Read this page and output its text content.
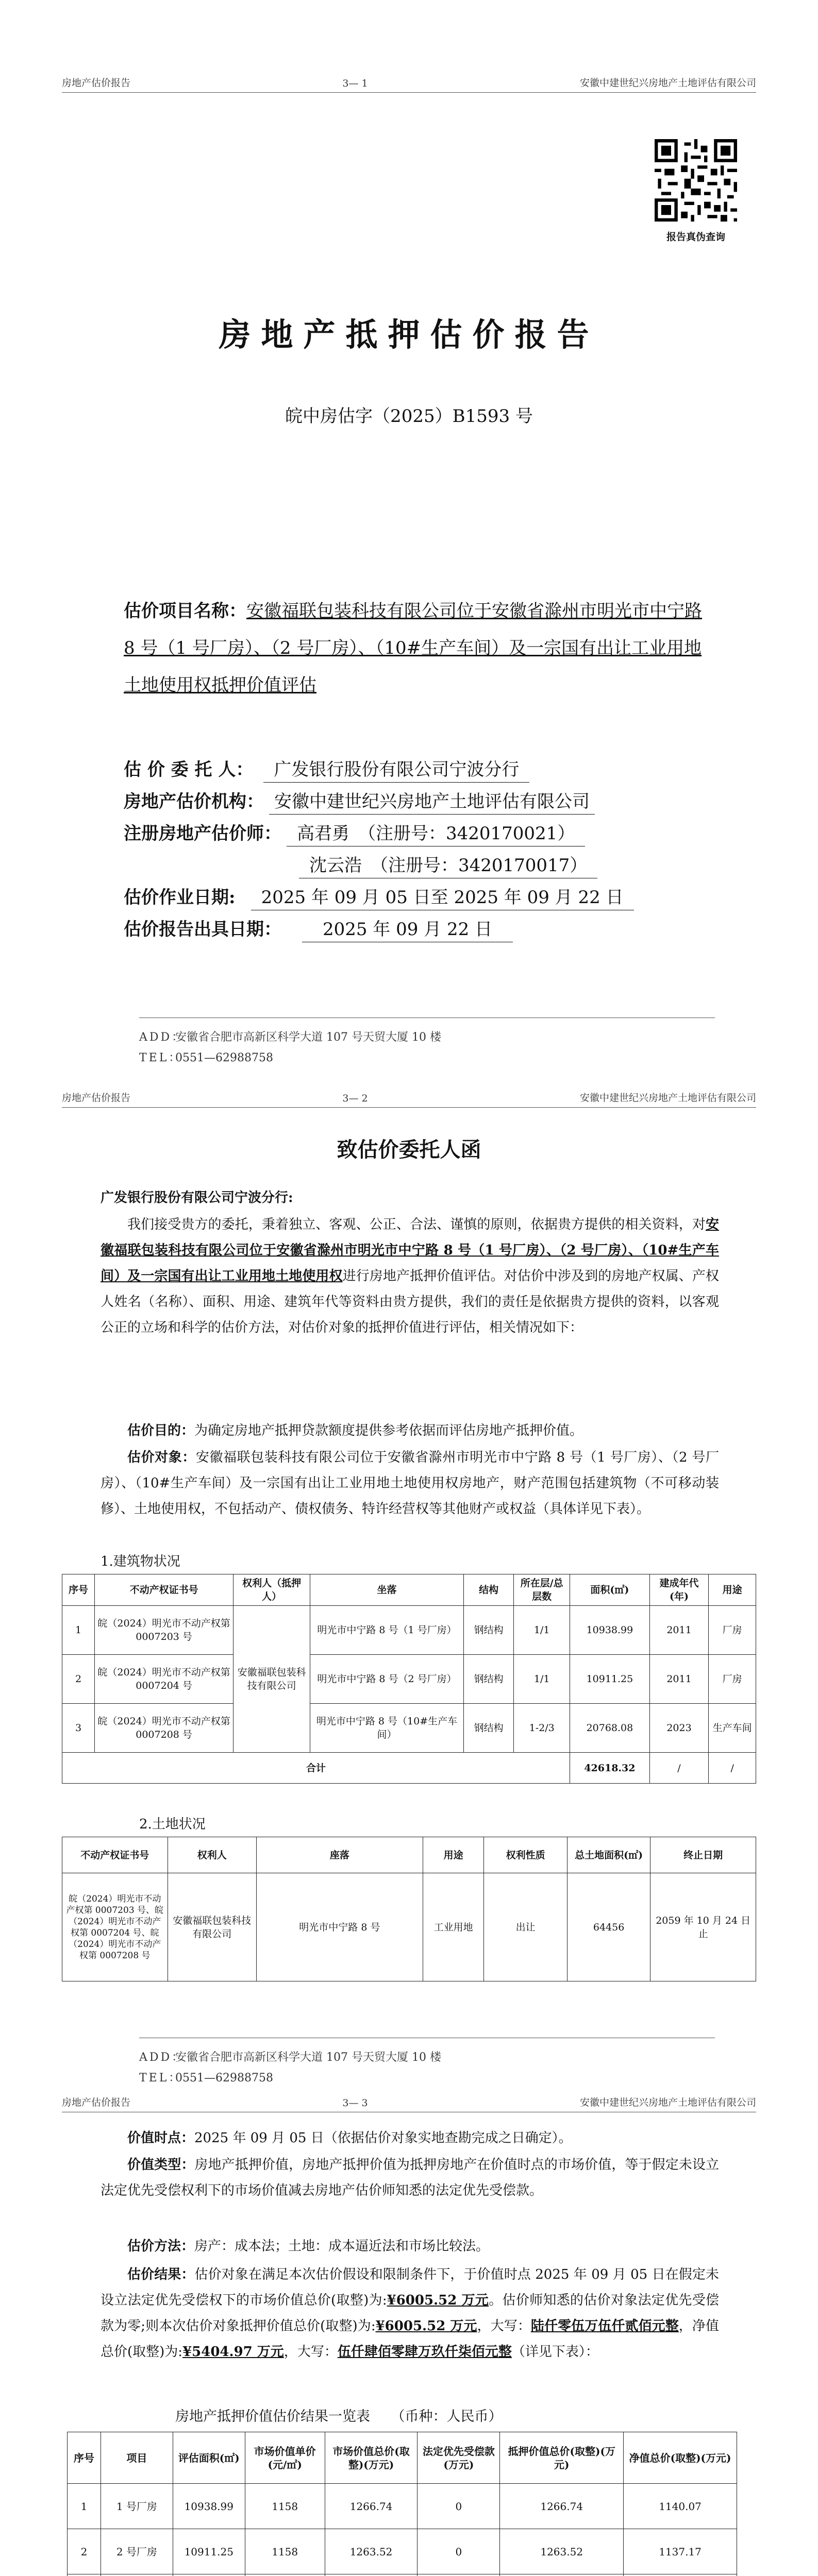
房地产估价报告	3— 1	安徽中建世纪兴房地产土地评估有限公司
报告真伪查询
房地产抵押估价报告
皖中房估字（2025）B1593 号
估价项目名称：安徽福联包装科技有限公司位于安徽省滁州市明光市中宁路 8 号（1 号厂房）、（2 号厂房）、（10#生产车间）及一宗国有出让工业用地土地使用权抵押价值评估
估 价 委 托 人：	广发银行股份有限公司宁波分行
房地产估价机构： 安徽中建世纪兴房地产土地评估有限公司
注册房地产估价师： 高君勇　（注册号：3420170021）
沈云浩　（注册号：3420170017）
估价作业日期:	2025 年 09 月 05 日至 2025 年 09 月 22 日
估价报告出具日期：	2025 年 09 月 22 日
ADD：安徽省合肥市高新区科学大道 107 号天贸大厦 10 楼
TEL：0551—62988758
房地产估价报告	3— 2	安徽中建世纪兴房地产土地评估有限公司
致估价委托人函
广发银行股份有限公司宁波分行:
我们接受贵方的委托，秉着独立、客观、公正、合法、谨慎的原则，依据贵方提供的相关资料，对安徽福联包装科技有限公司位于安徽省滁州市明光市中宁路 8 号（1 号厂房）、（2 号厂房）、（10#生产车间）及一宗国有出让工业用地土地使用权进行房地产抵押价值评估。对估价中涉及到的房地产权属、产权人姓名（名称）、面积、用途、建筑年代等资料由贵方提供，我们的责任是依据贵方提供的资料，以客观公正的立场和科学的估价方法，对估价对象的抵押价值进行评估，相关情况如下：
估价目的：为确定房地产抵押贷款额度提供参考依据而评估房地产抵押价值。
估价对象：安徽福联包装科技有限公司位于安徽省滁州市明光市中宁路 8 号（1 号厂房）、（2 号厂房）、（10#生产车间）及一宗国有出让工业用地土地使用权房地产，财产范围包括建筑物（不可移动装修）、土地使用权，不包括动产、债权债务、特许经营权等其他财产或权益（具体详见下表）。
1.建筑物状况
序号	不动产权证书号	权利人（抵押人）	坐落	结构	所在层/总层数	面积(㎡)	建成年代(年)	用途
1	皖（2024）明光市不动产权第 0007203 号	安徽福联包装科技有限公司	明光市中宁路 8 号（1 号厂房）	钢结构	1/1	10938.99	2011	厂房
2	皖（2024）明光市不动产权第 0007204 号		明光市中宁路 8 号（2 号厂房）	钢结构	1/1	10911.25	2011	厂房
3	皖（2024）明光市不动产权第 0007208 号		明光市中宁路 8 号（10#生产车间）	钢结构	1-2/3	20768.08	2023	生产车间
合计						42618.32	/	/
2.土地状况
不动产权证书号	权利人	座落	用途	权利性质	总土地面积(㎡)	终止日期
皖（2024）明光市不动产权第 0007203 号、皖（2024）明光市不动产权第 0007204 号、皖（2024）明光市不动产权第 0007208 号	安徽福联包装科技有限公司	明光市中宁路 8 号	工业用地	出让	64456	2059 年 10 月 24 日止
ADD：安徽省合肥市高新区科学大道 107 号天贸大厦 10 楼
TEL：0551—62988758
房地产估价报告	3— 3	安徽中建世纪兴房地产土地评估有限公司
价值时点：2025 年 09 月 05 日（依据估价对象实地查勘完成之日确定）。
价值类型：房地产抵押价值，房地产抵押价值为抵押房地产在价值时点的市场价值，等于假定未设立法定优先受偿权利下的市场价值减去房地产估价师知悉的法定优先受偿款。
估价方法：房产：成本法；土地：成本逼近法和市场比较法。
估价结果：估价对象在满足本次估价假设和限制条件下，于价值时点 2025 年 09 月 05 日在假定未设立法定优先受偿权下的市场价值总价(取整)为:¥6005.52 万元。估价师知悉的估价对象法定优先受偿款为零;则本次估价对象抵押价值总价(取整)为:¥6005.52 万元，大写：陆仟零伍万伍仟贰佰元整，净值总价(取整)为:¥5404.97 万元，大写：伍仟肆佰零肆万玖仟柒佰元整（详见下表）：
房地产抵押价值估价结果一览表　　 （币种：人民币）
序号	项目	评估面积(㎡)	市场价值单价(元/㎡)	市场价值总价(取整)(万元)	法定优先受偿款(万元)	抵押价值总价(取整)(万元)	净值总价(取整)(万元)
1	1 号厂房	10938.99	1158	1266.74	0	1266.74	1140.07
2	2 号厂房	10911.25	1158	1263.52	0	1263.52	1137.17
